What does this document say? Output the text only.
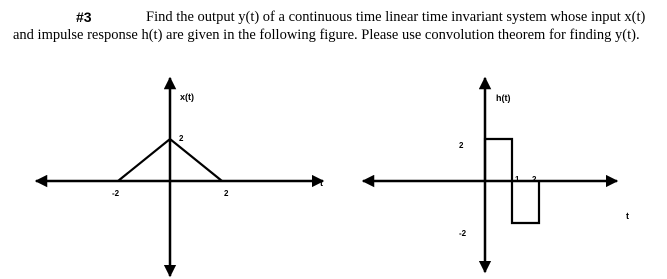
#3	Find the output y(t) of a continuous time linear time invariant system whose input x(t)
and impulse response h(t) are given in the following figure. Please use convolution theorem for finding y(t).
x(t)
t
2
-2	2
h(t)
t
2
-2
1 2
